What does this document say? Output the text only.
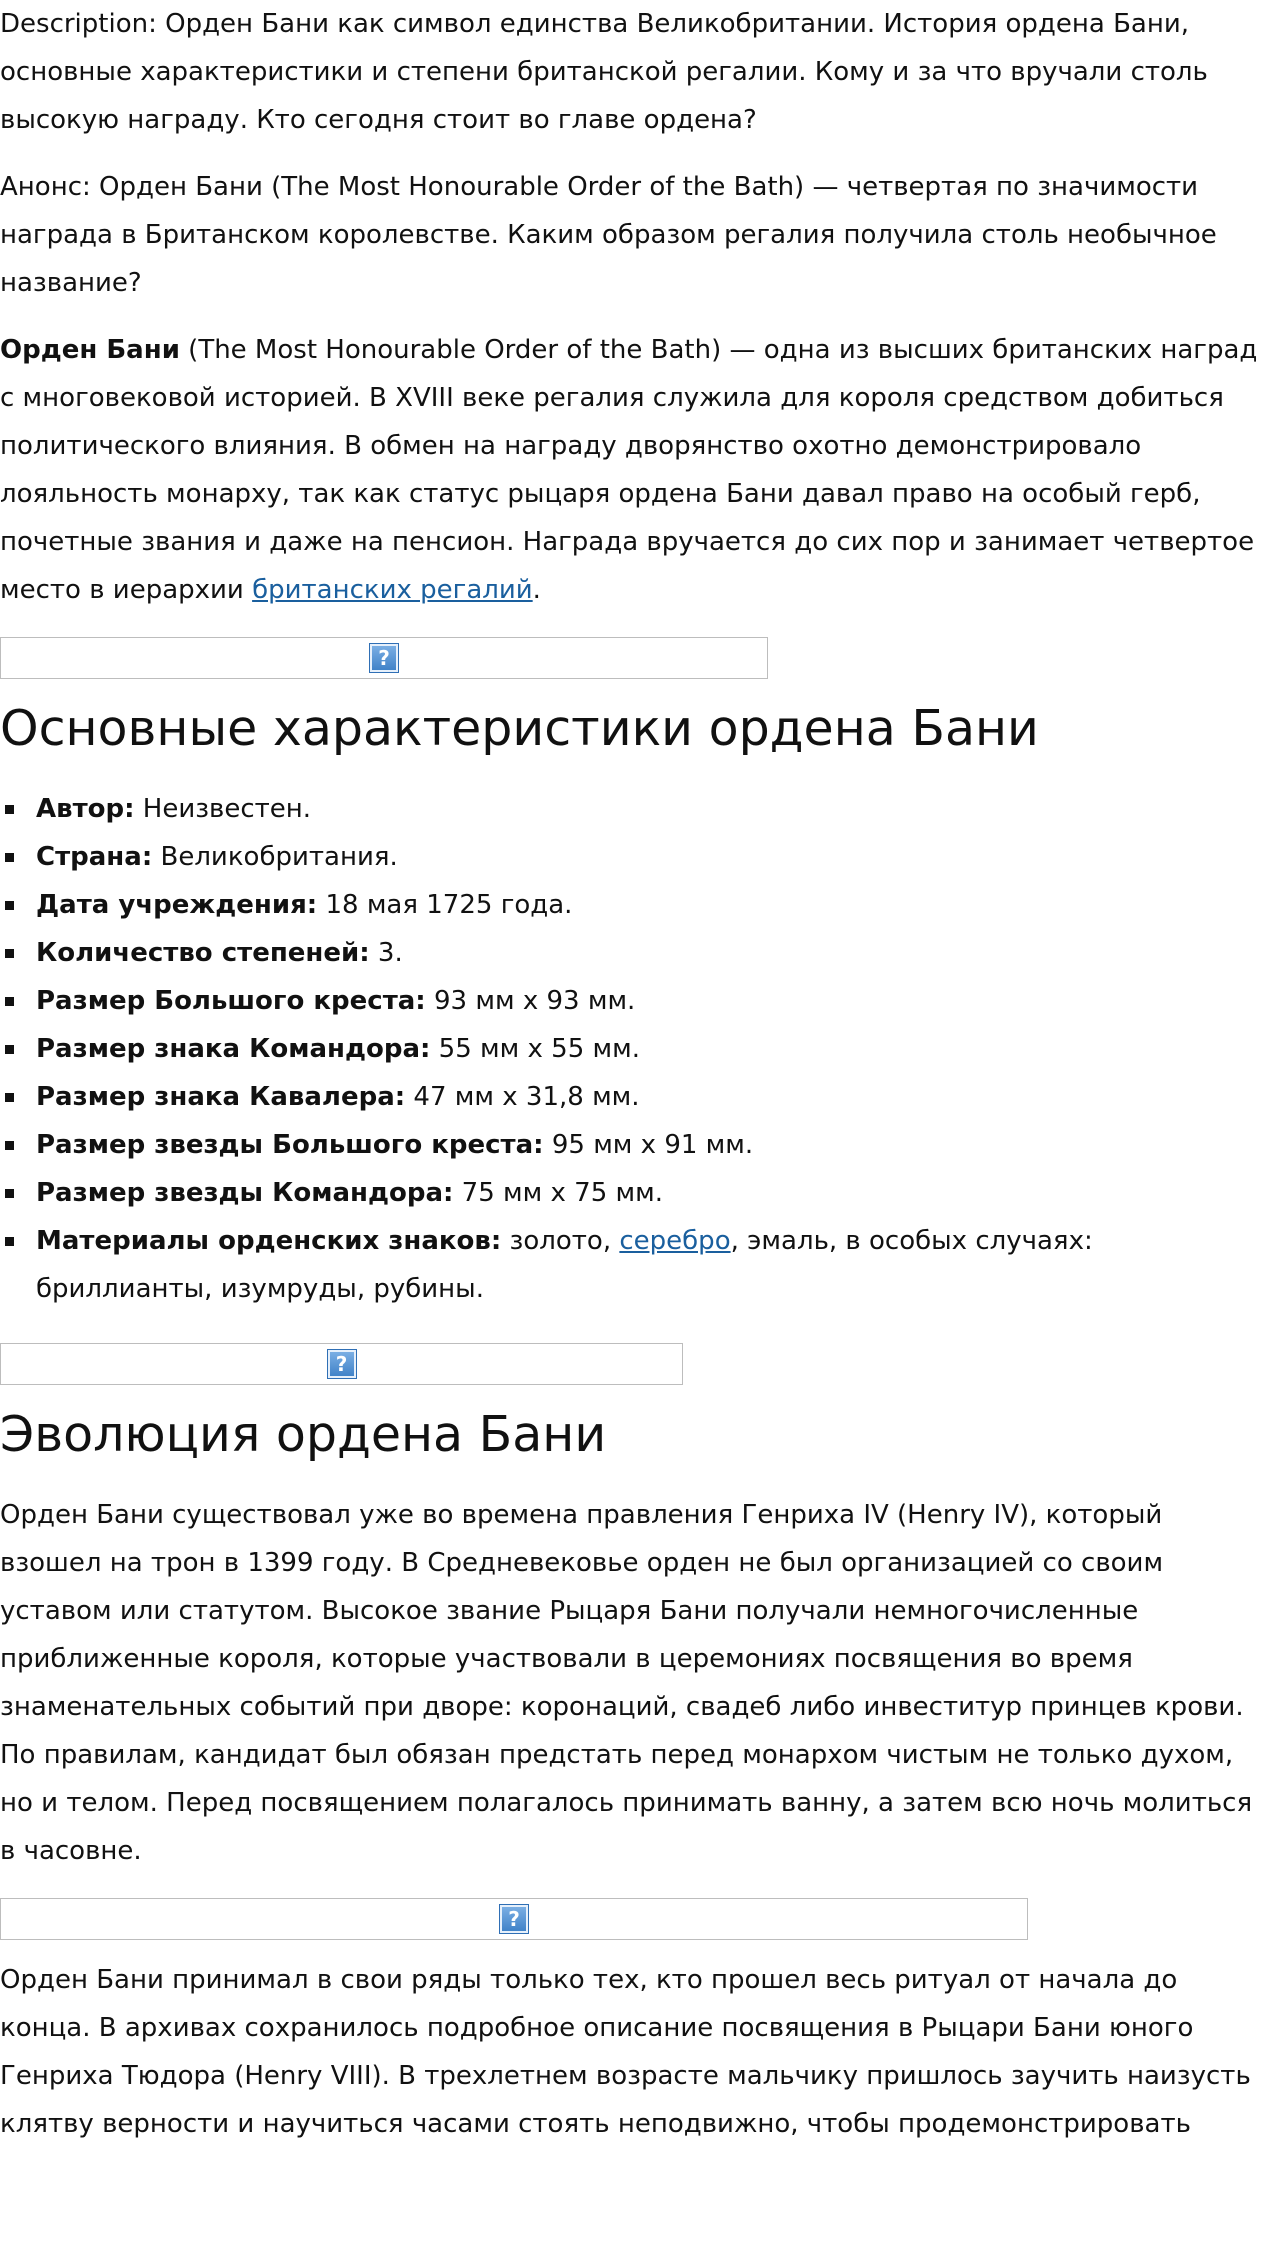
Description: Орден Бани как символ единства Великобритании. История ордена Бани, основные характеристики и степени британской регалии. Кому и за что вручали столь высокую награду. Кто сегодня стоит во главе ордена?

Анонс: Орден Бани (The Most Honourable Order of the Bath) — четвертая по значимости награда в Британском королевстве. Каким образом регалия получила столь необычное название?

Орден Бани (The Most Honourable Order of the Bath) — одна из высших британских наград с многовековой историей. В XVIII веке регалия служила для короля средством добиться политического влияния. В обмен на награду дворянство охотно демонстрировало лояльность монарху, так как статус рыцаря ордена Бани давал право на особый герб, почетные звания и даже на пенсион. Награда вручается до сих пор и занимает четвертое место в иерархии британских регалий.

?
Основные характеристики ордена Бани
Автор: Неизвестен.
Страна: Великобритания.
Дата учреждения: 18 мая 1725 года.
Количество степеней: 3.
Размер Большого креста: 93 мм х 93 мм.
Размер знака Командора: 55 мм х 55 мм.
Размер знака Кавалера: 47 мм х 31,8 мм.
Размер звезды Большого креста: 95 мм х 91 мм.
Размер звезды Командора: 75 мм х 75 мм.
Материалы орденских знаков: золото, серебро, эмаль, в особых случаях: бриллианты, изумруды, рубины.
?
Эволюция ордена Бани

Орден Бани существовал уже во времена правления Генриха IV (Henry IV), который взошел на трон в 1399 году. В Средневековье орден не был организацией со своим уставом или статутом. Высокое звание Рыцаря Бани получали немногочисленные приближенные короля, которые участвовали в церемониях посвящения во время знаменательных событий при дворе: коронаций, свадеб либо инвеститур принцев крови. По правилам, кандидат был обязан предстать перед монархом чистым не только духом, но и телом. Перед посвящением полагалось принимать ванну, а затем всю ночь молиться в часовне.

?

Орден Бани принимал в свои ряды только тех, кто прошел весь ритуал от начала до конца. В архивах сохранилось подробное описание посвящения в Рыцари Бани юного Генриха Тюдора (Henry VIII). В трехлетнем возрасте мальчику пришлось заучить наизусть клятву верности и научиться часами стоять неподвижно, чтобы продемонстрировать
